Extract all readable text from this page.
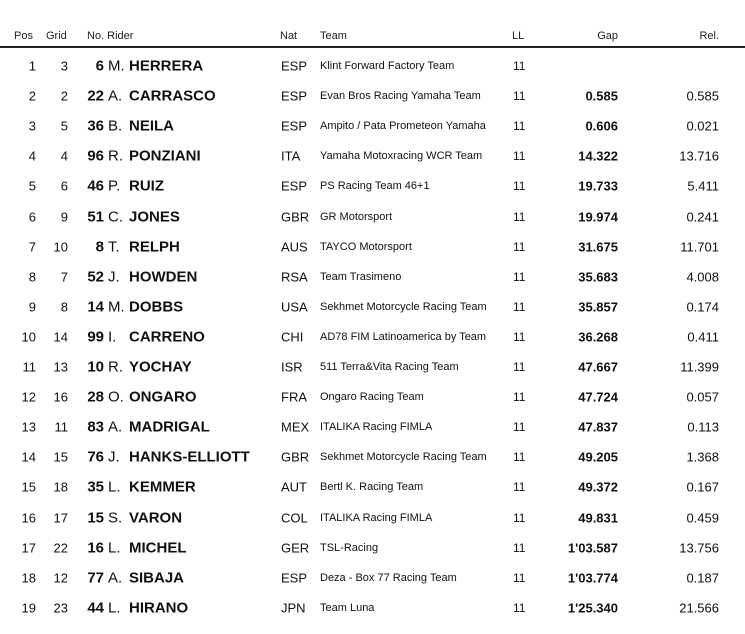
Pos Grid No. Rider	Nat Team	LL	Gap	Rel.
1	3	6 M. HERRERA	ESP Klint Forward Factory Team	11
2	2	22 A. CARRASCO	ESP Evan Bros Racing Yamaha Team	11	0.585	0.585
3	5	36 B. NEILA	ESP Ampito / Pata Prometeon Yamaha	11	0.606	0.021
4	4	96 R. PONZIANI	ITA Yamaha Motoxracing WCR Team	11	14.322	13.716
5	6	46 P. RUIZ	ESP PS Racing Team 46+1	11	19.733	5.411
6	9	51 C. JONES	GBR GR Motorsport	11	19.974	0.241
7	10	8 T. RELPH	AUS TAYCO Motorsport	11	31.675	11.701
8	7	52 J. HOWDEN	RSA Team Trasimeno	11	35.683	4.008
9	8	14 M. DOBBS	USA Sekhmet Motorcycle Racing Team	11	35.857	0.174
10	14	99 I. CARRENO	CHI AD78 FIM Latinoamerica by Team	11	36.268	0.411
11	13	10 R. YOCHAY	ISR 511 Terra&Vita Racing Team	11	47.667	11.399
12	16	28 O. ONGARO	FRA Ongaro Racing Team	11	47.724	0.057
13	11	83 A. MADRIGAL	MEX ITALIKA Racing FIMLA	11	47.837	0.113
14	15	76 J. HANKS-ELLIOTT GBR Sekhmet Motorcycle Racing Team	11	49.205	1.368
15	18	35 L. KEMMER	AUT Bertl K. Racing Team	11	49.372	0.167
16	17	15 S. VARON	COL ITALIKA Racing FIMLA	11	49.831	0.459
17	22	16 L. MICHEL	GER TSL-Racing	11	1'03.587	13.756
18	12	77 A. SIBAJA	ESP Deza - Box 77 Racing Team	11	1'03.774	0.187
19	23	44 L. HIRANO	JPN Team Luna	11	1'25.340	21.566
